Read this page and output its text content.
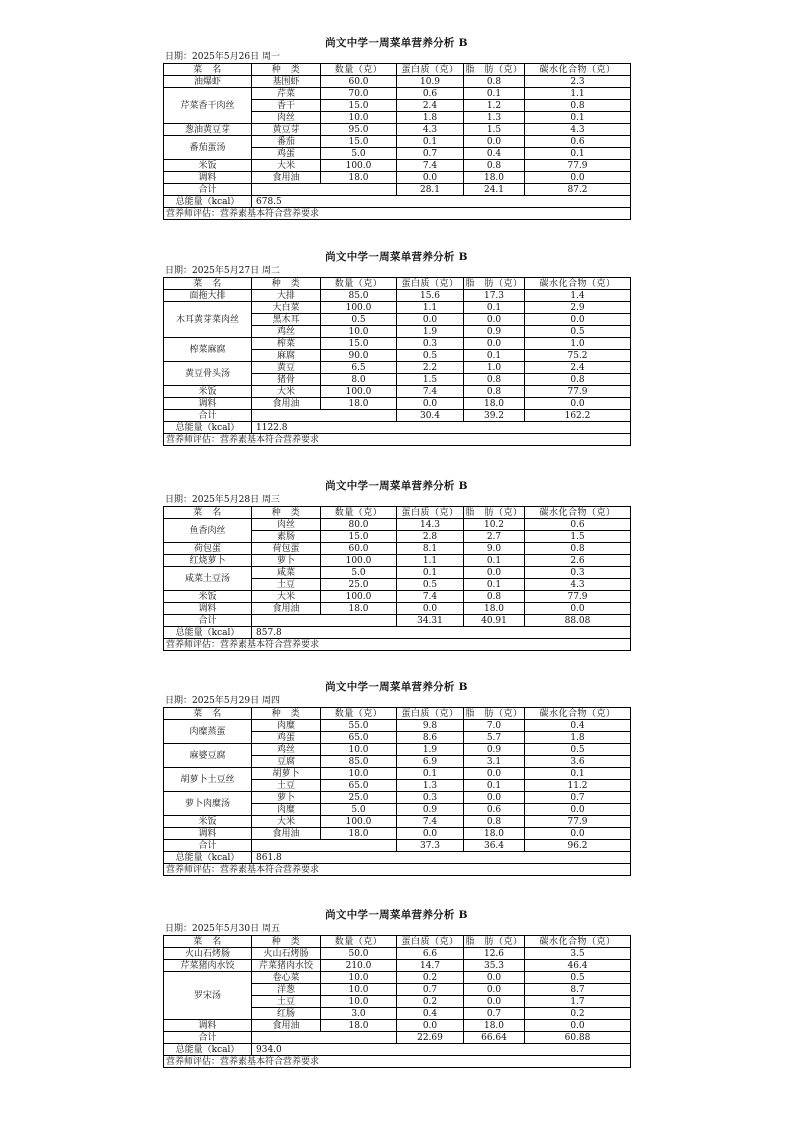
尚文中学一周菜单营养分析 B
日期：2025年5月26日 周一
菜　名	种　类	数量（克）	蛋白质（克）	脂　肪（克）	碳水化合物（克）
油爆虾	基围虾	60.0	10.9	0.8	2.3
芹菜香干肉丝	芹菜	70.0	0.6	0.1	1.1
	香干	15.0	2.4	1.2	0.8
	肉丝	10.0	1.8	1.3	0.1
葱油黄豆芽	黄豆芽	95.0	4.3	1.5	4.3
番茄蛋汤	番茄	15.0	0.1	0.0	0.6
	鸡蛋	5.0	0.7	0.4	0.1
米饭	大米	100.0	7.4	0.8	77.9
调料	食用油	18.0	0.0	18.0	0.0
合计			28.1	24.1	87.2
总能量（kcal）	678.5				
营养师评估：营养素基本符合营养要求					
尚文中学一周菜单营养分析 B
日期：2025年5月27日 周二
菜　名	种　类	数量（克）	蛋白质（克）	脂　肪（克）	碳水化合物（克）
面拖大排	大排	85.0	15.6	17.3	1.4
木耳黄芽菜肉丝	大白菜	100.0	1.1	0.1	2.9
	黑木耳	0.5	0.0	0.0	0.0
	鸡丝	10.0	1.9	0.9	0.5
榨菜麻腐	榨菜	15.0	0.3	0.0	1.0
	麻腐	90.0	0.5	0.1	75.2
黄豆骨头汤	黄豆	6.5	2.2	1.0	2.4
	猪骨	8.0	1.5	0.8	0.8
米饭	大米	100.0	7.4	0.8	77.9
调料	食用油	18.0	0.0	18.0	0.0
合计			30.4	39.2	162.2
总能量（kcal）	1122.8				
营养师评估：营养素基本符合营养要求					
尚文中学一周菜单营养分析 B
日期：2025年5月28日 周三
菜　名	种　类	数量（克）	蛋白质（克）	脂　肪（克）	碳水化合物（克）
鱼香肉丝	肉丝	80.0	14.3	10.2	0.6
	素肠	15.0	2.8	2.7	1.5
荷包蛋	荷包蛋	60.0	8.1	9.0	0.8
红烧萝卜	萝卜	100.0	1.1	0.1	2.6
咸菜土豆汤	咸菜	5.0	0.1	0.0	0.3
	土豆	25.0	0.5	0.1	4.3
米饭	大米	100.0	7.4	0.8	77.9
调料	食用油	18.0	0.0	18.0	0.0
合计			34.31	40.91	88.08
总能量（kcal）	857.8				
营养师评估：营养素基本符合营养要求					
尚文中学一周菜单营养分析 B
日期：2025年5月29日 周四
菜　名	种　类	数量（克）	蛋白质（克）	脂　肪（克）	碳水化合物（克）
肉糜蒸蛋	肉糜	55.0	9.8	7.0	0.4
	鸡蛋	65.0	8.6	5.7	1.8
麻婆豆腐	鸡丝	10.0	1.9	0.9	0.5
	豆腐	85.0	6.9	3.1	3.6
胡萝卜土豆丝	胡萝卜	10.0	0.1	0.0	0.1
	土豆	65.0	1.3	0.1	11.2
萝卜肉糜汤	萝卜	25.0	0.3	0.0	0.7
	肉糜	5.0	0.9	0.6	0.0
米饭	大米	100.0	7.4	0.8	77.9
调料	食用油	18.0	0.0	18.0	0.0
合计			37.3	36.4	96.2
总能量（kcal）	861.8				
营养师评估：营养素基本符合营养要求					
尚文中学一周菜单营养分析 B
日期：2025年5月30日 周五
菜　名	种　类	数量（克）	蛋白质（克）	脂　肪（克）	碳水化合物（克）
火山石烤肠	火山石烤肠	50.0	6.6	12.6	3.5
芹菜猪肉水饺	芹菜猪肉水饺	210.0	14.7	35.3	46.4
罗宋汤	卷心菜	10.0	0.2	0.0	0.5
	洋葱	10.0	0.7	0.0	8.7
	土豆	10.0	0.2	0.0	1.7
	红肠	3.0	0.4	0.7	0.2
调料	食用油	18.0	0.0	18.0	0.0
合计			22.69	66.64	60.88
总能量（kcal）	934.0				
营养师评估：营养素基本符合营养要求					
